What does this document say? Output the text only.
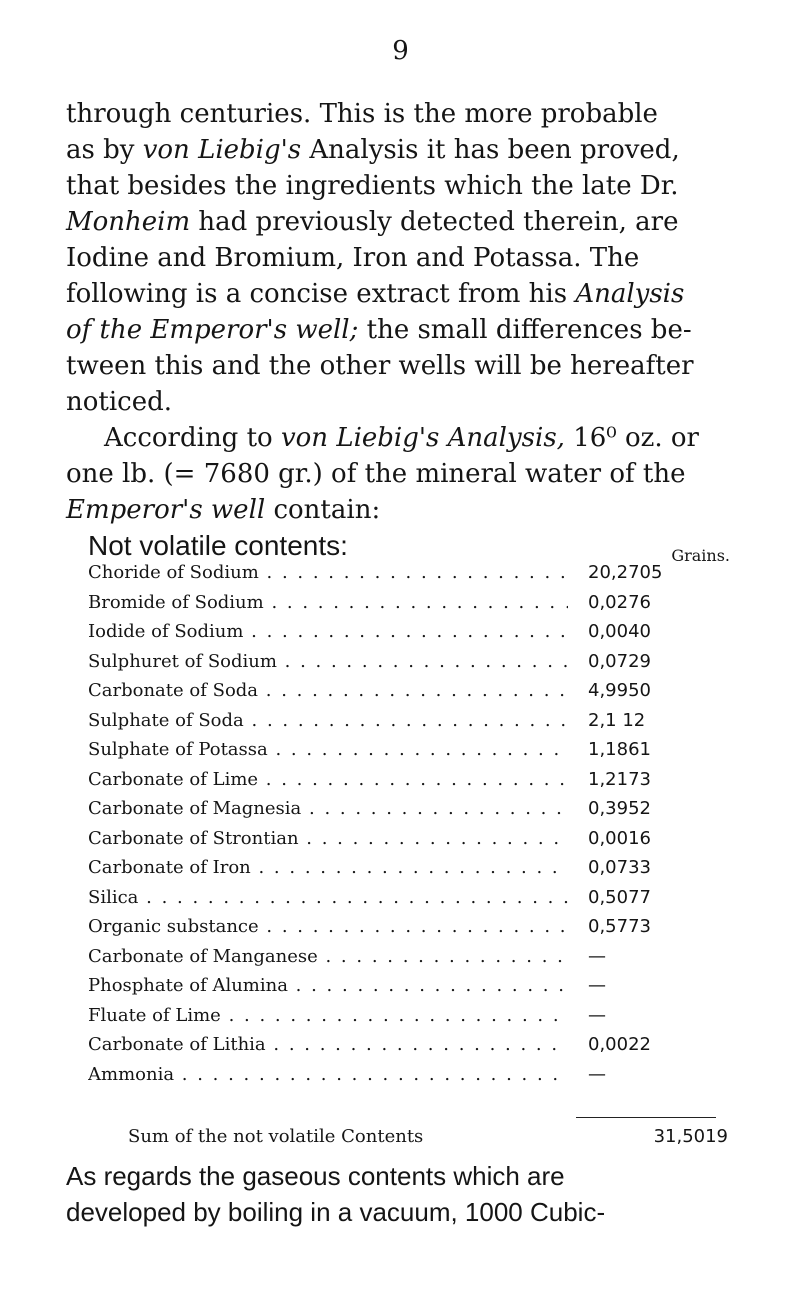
9
through centuries. This is the more probable
as by von Liebig's Analysis it has been proved,
that besides the ingredients which the late Dr.
Monheim had previously detected therein, are
Iodine and Bromium, Iron and Potassa. The
following is a concise extract from his Analysis
of the Emperor's well; the small differences be-
tween this and the other wells will be hereafter
noticed.
According to von Liebig's Analysis, 16⁰ oz. or
one lb. (= 7680 gr.) of the mineral water of the
Emperor's well contain:
Not volatile contents:	Grains.
Choride of Sodium . . .	20,2705
Bromide of Sodium . . .	0,0276
Iodide of Sodium . . .	0,0040
Sulphuret of Sodium . . .	0,0729
Carbonate of Soda . . .	4,9950
Sulphate of Soda . . .	2,1 12
Sulphate of Potassa . . .	1,1861
Carbonate of Lime . . .	1,2173
Carbonate of Magnesia . . .	0,3952
Carbonate of Strontian . . .	0,0016
Carbonate of Iron . . .	0,0733
Silica . . .	0,5077
Organic substance . . .	0,5773
Carbonate of Manganese . . .	—
Phosphate of Alumina . . .	—
Fluate of Lime . . .	—
Carbonate of Lithia . . .	0,0022
Ammonia . . .	—
Sum of the not volatile Contents	31,5019
As regards the gaseous contents which are
developed by boiling in a vacuum, 1000 Cubic-
